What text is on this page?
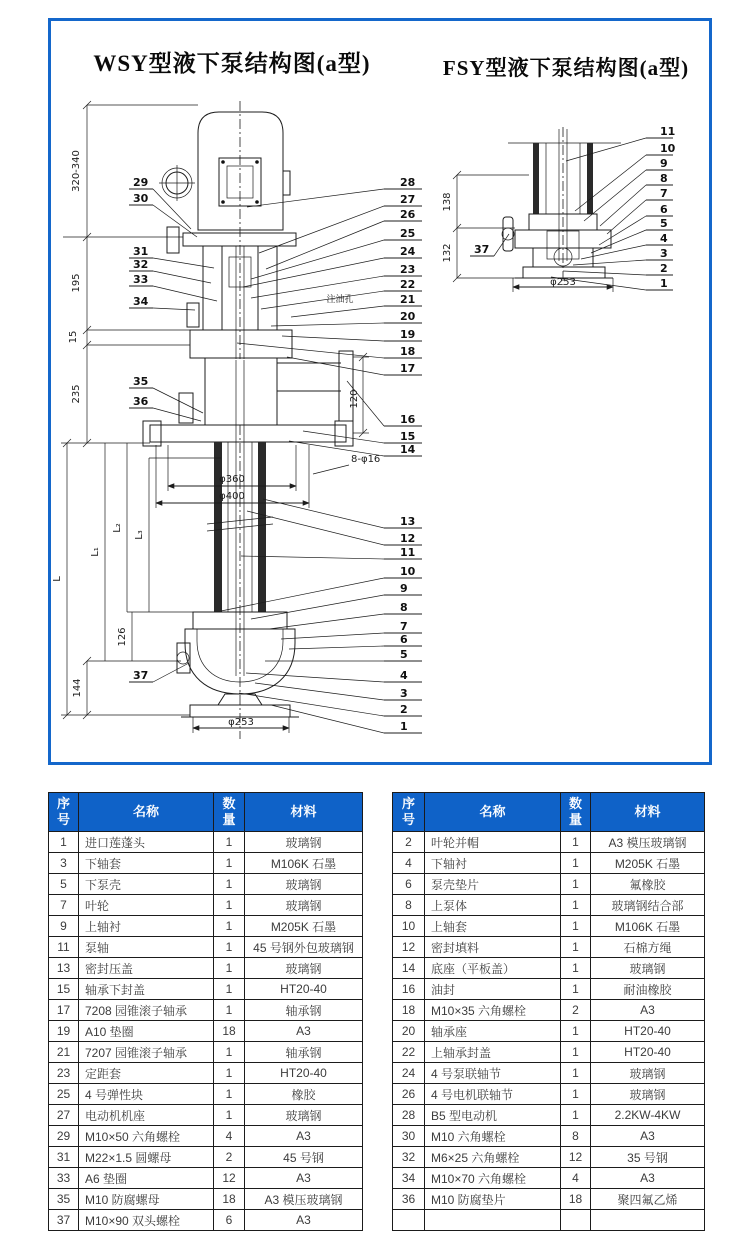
WSY型液下泵结构图(a型)	FSY型液下泵结构图(a型)
320-340
195
15
235
L
L₁
L₂
L₃
126
144
120
φ360
φ400
8-φ16
φ253
注油孔
28
27
26
25
24
23
22
21
20
19
18
17
16
15
14
13
12
11
10
9
8
7
6
5
4
3
2
1
29
30
31
32
33
34
35
36
37
138
132
φ253
11
10
9
8
7
6
5
4
3
2
1
37
序号	名称	数量	材料
1	进口莲蓬头	1	玻璃钢
3	下轴套	1	M106K 石墨
5	下泵壳	1	玻璃钢
7	叶轮	1	玻璃钢
9	上轴衬	1	M205K 石墨
11	泵轴	1	45 号钢外包玻璃钢
13	密封压盖	1	玻璃钢
15	轴承下封盖	1	HT20-40
17	7208 园锥滚子轴承	1	轴承钢
19	A10 垫圈	18	A3
21	7207 园锥滚子轴承	1	轴承钢
23	定距套	1	HT20-40
25	4 号弹性块	1	橡胶
27	电动机机座	1	玻璃钢
29	M10×50 六角螺栓	4	A3
31	M22×1.5 圆螺母	2	45 号钢
33	A6 垫圈	12	A3
35	M10 防腐螺母	18	A3 模压玻璃钢
37	M10×90 双头螺栓	6	A3
序号	名称	数量	材料
2	叶轮并帽	1	A3 模压玻璃钢
4	下轴衬	1	M205K 石墨
6	泵壳垫片	1	氟橡胶
8	上泵体	1	玻璃钢结合部
10	上轴套	1	M106K 石墨
12	密封填料	1	石棉方绳
14	底座（平板盖）	1	玻璃钢
16	油封	1	耐油橡胶
18	M10×35 六角螺栓	2	A3
20	轴承座	1	HT20-40
22	上轴承封盖	1	HT20-40
24	4 号泵联轴节	1	玻璃钢
26	4 号电机联轴节	1	玻璃钢
28	B5 型电动机	1	2.2KW-4KW
30	M10 六角螺栓	8	A3
32	M6×25 六角螺栓	12	35 号钢
34	M10×70 六角螺栓	4	A3
36	M10 防腐垫片	18	聚四氟乙烯
